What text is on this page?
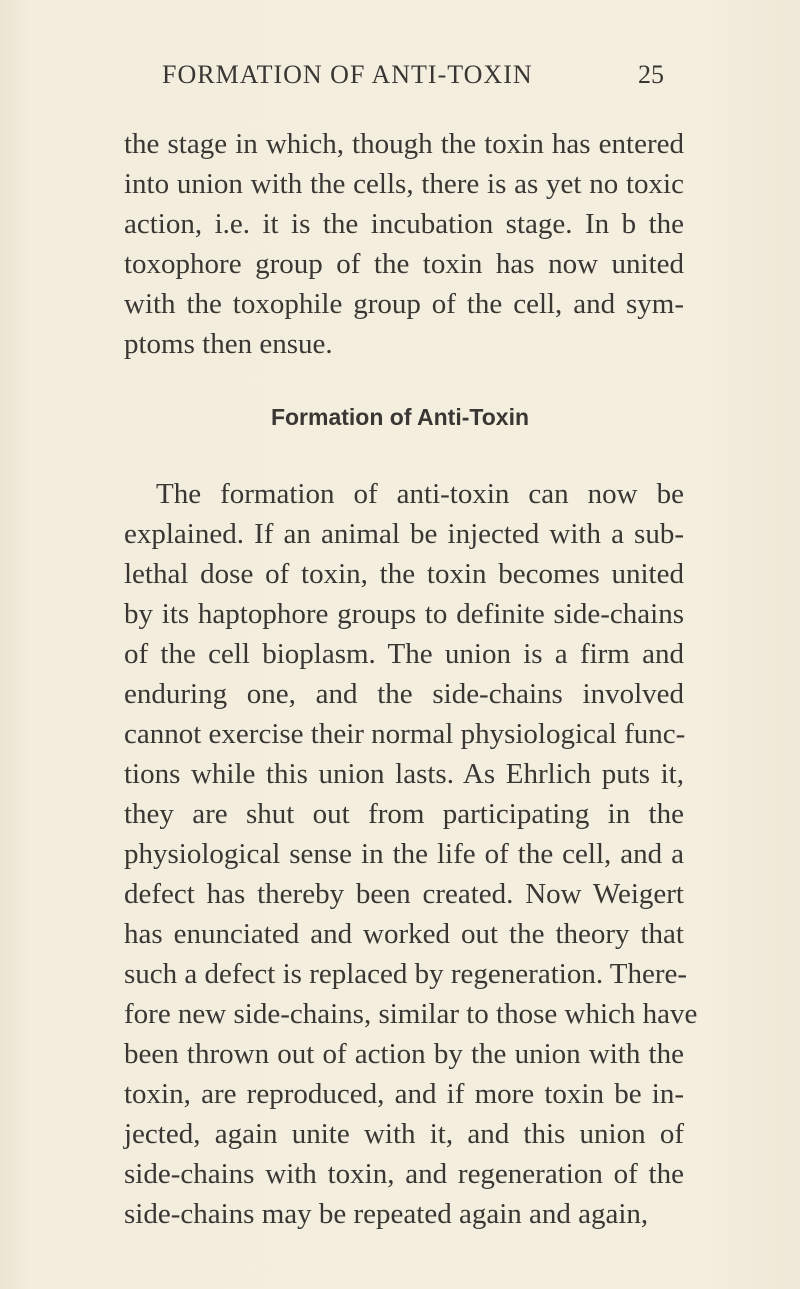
FORMATION OF ANTI-TOXIN	25
the stage in which, though the toxin has entered
into union with the cells, there is as yet no toxic
action, i.e. it is the incubation stage. In b the
toxophore group of the toxin has now united
with the toxophile group of the cell, and sym-
ptoms then ensue.
Formation of Anti-Toxin
The formation of anti-toxin can now be
explained. If an animal be injected with a sub-
lethal dose of toxin, the toxin becomes united
by its haptophore groups to definite side-chains
of the cell bioplasm. The union is a firm and
enduring one, and the side-chains involved
cannot exercise their normal physiological func-
tions while this union lasts. As Ehrlich puts it,
they are shut out from participating in the
physiological sense in the life of the cell, and a
defect has thereby been created. Now Weigert
has enunciated and worked out the theory that
such a defect is replaced by regeneration. There-
fore new side-chains, similar to those which have
been thrown out of action by the union with the
toxin, are reproduced, and if more toxin be in-
jected, again unite with it, and this union of
side-chains with toxin, and regeneration of the
side-chains may be repeated again and again,
